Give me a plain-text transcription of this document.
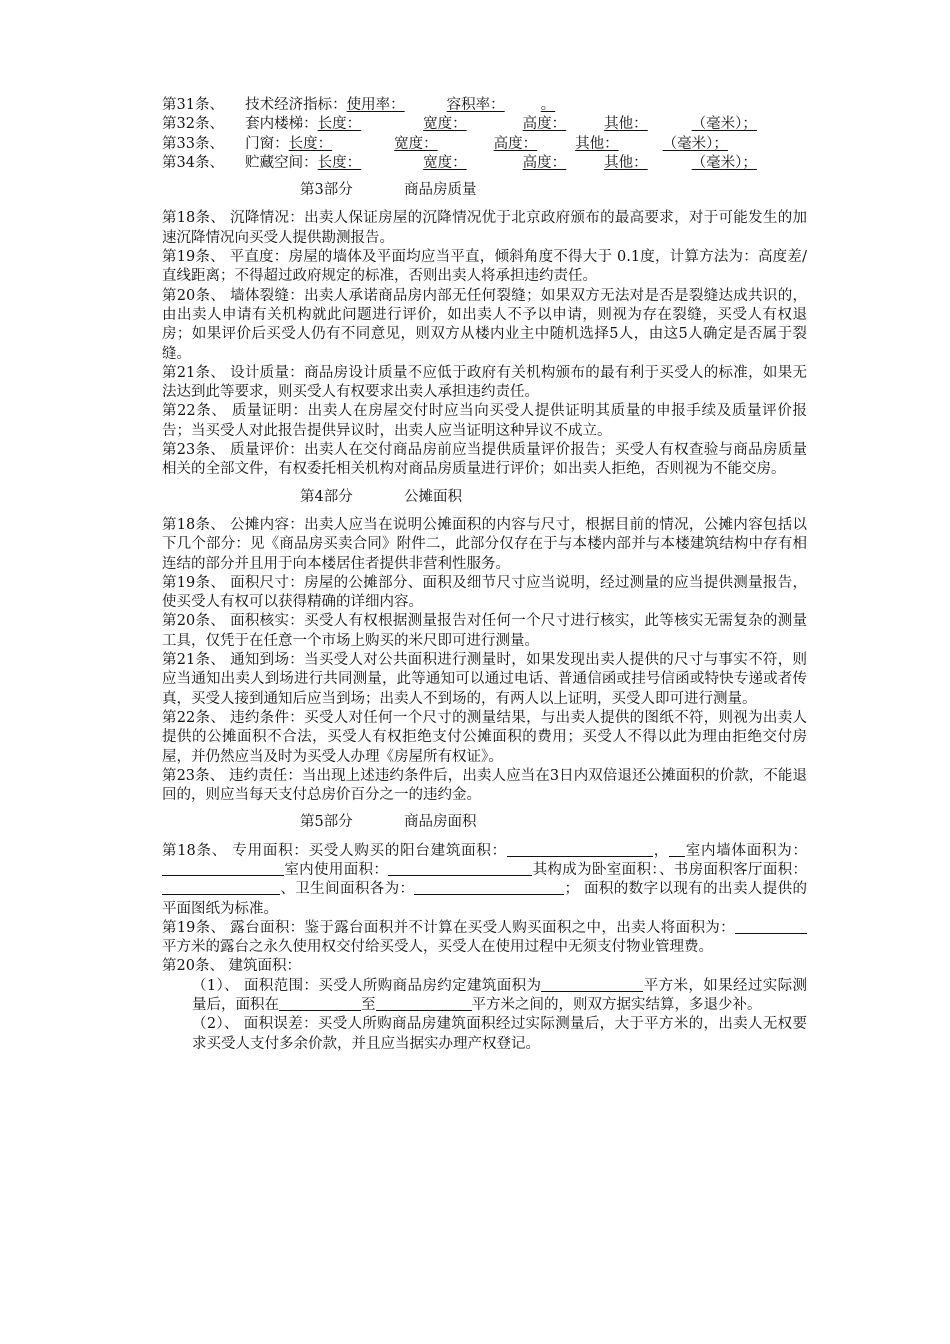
第31条、 技术经济指标：使用率：	容积率： 。
第32条、 套内楼梯：长度：	宽度：	高度：	其他：	（毫米）；
第33条、 门窗：长度：	宽度：	高度：	其他：	（毫米）；
第34条、 贮藏空间：长度：	宽度：	高度：	其他：	（毫米）；
第3部分	商品房质量

第18条、 沉降情况：出卖人保证房屋的沉降情况优于北京政府颁布的最高要求，对于可能发生的加速沉降情况向买受人提供勘测报告。

第19条、 平直度：房屋的墙体及平面均应当平直，倾斜角度不得大于 0.1度，计算方法为：高度差/直线距离；不得超过政府规定的标准，否则出卖人将承担违约责任。

第20条、 墙体裂缝：出卖人承诺商品房内部无任何裂缝；如果双方无法对是否是裂缝达成共识的，由出卖人申请有关机构就此问题进行评价，如出卖人不予以申请，则视为存在裂缝，买受人有权退房；如果评价后买受人仍有不同意见，则双方从楼内业主中随机选择5人，由这5人确定是否属于裂缝。

第21条、 设计质量：商品房设计质量不应低于政府有关机构颁布的最有利于买受人的标准，如果无法达到此等要求，则买受人有权要求出卖人承担违约责任。

第22条、 质量证明：出卖人在房屋交付时应当向买受人提供证明其质量的申报手续及质量评价报告；当买受人对此报告提供异议时，出卖人应当证明这种异议不成立。

第23条、 质量评价：出卖人在交付商品房前应当提供质量评价报告；买受人有权查验与商品房质量相关的全部文件，有权委托相关机构对商品房质量进行评价；如出卖人拒绝，否则视为不能交房。

第4部分	公摊面积

第18条、 公摊内容：出卖人应当在说明公摊面积的内容与尺寸，根据目前的情况，公摊内容包括以下几个部分：见《商品房买卖合同》附件二，此部分仅存在于与本楼内部并与本楼建筑结构中存有相连结的部分并且用于向本楼居住者提供非营利性服务。

第19条、 面积尺寸：房屋的公摊部分、面积及细节尺寸应当说明，经过测量的应当提供测量报告，使买受人有权可以获得精确的详细内容。

第20条、 面积核实：买受人有权根据测量报告对任何一个尺寸进行核实，此等核实无需复杂的测量工具，仅凭于在任意一个市场上购买的米尺即可进行测量。

第21条、 通知到场：当买受人对公共面积进行测量时，如果发现出卖人提供的尺寸与事实不符，则应当通知出卖人到场进行共同测量，此等通知可以通过电话、普通信函或挂号信函或特快专递或者传真，买受人接到通知后应当到场；出卖人不到场的，有两人以上证明，买受人即可进行测量。

第22条、 违约条件：买受人对任何一个尺寸的测量结果，与出卖人提供的图纸不符，则视为出卖人提供的公摊面积不合法，买受人有权拒绝支付公摊面积的费用；买受人不得以此为理由拒绝交付房屋，并仍然应当及时为买受人办理《房屋所有权证》。

第23条、 违约责任：当出现上述违约条件后，出卖人应当在3日内双倍退还公摊面积的价款，不能退回的，则应当每天支付总房价百分之一的违约金。

第5部分	商品房面积

第18条、 专用面积：买受人购买的阳台建筑面积：	， 室内墙体面积为：室内使用面积：	其构成为卧室面积：、书房面积客厅面积：、卫生间面积各为：	； 面积的数字以现有的出卖人提供的平面图纸为标准。

第19条、 露台面积：鉴于露台面积并不计算在买受人购买面积之中，出卖人将面积为：平方米的露台之永久使用权交付给买受人，买受人在使用过程中无须支付物业管理费。

第20条、 建筑面积：

（1）、 面积范围：买受人所购商品房约定建筑面积为	平方米，如果经过实际测量后，面积在	至	平方米之间的，则双方据实结算，多退少补。

（2）、 面积误差：买受人所购商品房建筑面积经过实际测量后，大于平方米的，出卖人无权要求买受人支付多余价款，并且应当据实办理产权登记。
